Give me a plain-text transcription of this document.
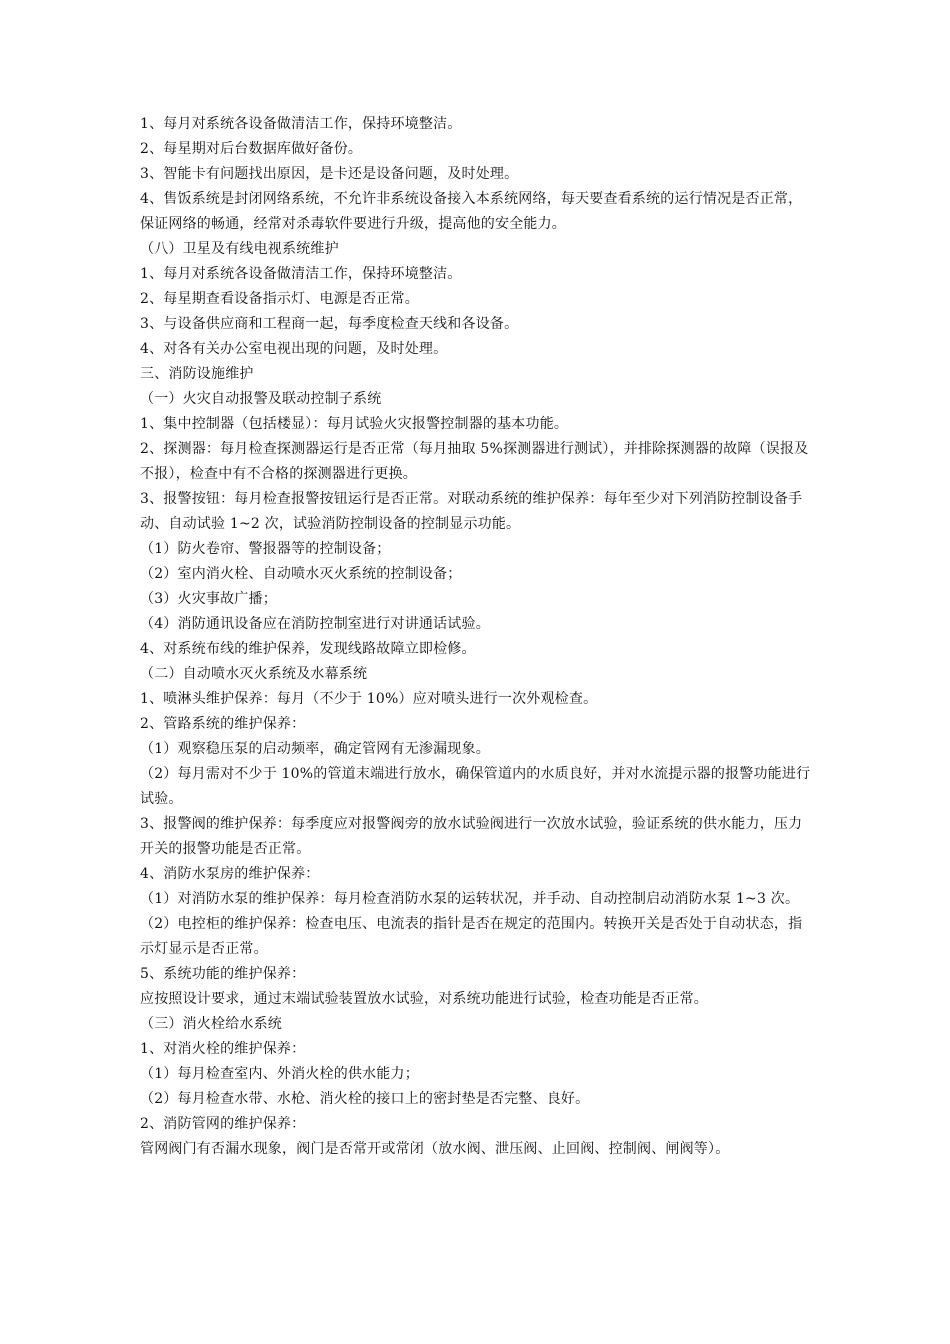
1、每月对系统各设备做清洁工作，保持环境整洁。
2、每星期对后台数据库做好备份。
3、智能卡有问题找出原因，是卡还是设备问题，及时处理。
4、售饭系统是封闭网络系统，不允许非系统设备接入本系统网络，每天要查看系统的运行情况是否正常，保证网络的畅通，经常对杀毒软件要进行升级，提高他的安全能力。
（八）卫星及有线电视系统维护
1、每月对系统各设备做清洁工作，保持环境整洁。
2、每星期查看设备指示灯、电源是否正常。
3、与设备供应商和工程商一起，每季度检查天线和各设备。
4、对各有关办公室电视出现的问题，及时处理。
三、消防设施维护
（一）火灾自动报警及联动控制子系统
1、集中控制器（包括楼显）：每月试验火灾报警控制器的基本功能。
2、探测器：每月检查探测器运行是否正常（每月抽取 5%探测器进行测试），并排除探测器的故障（误报及不报），检查中有不合格的探测器进行更换。
3、报警按钮：每月检查报警按钮运行是否正常。对联动系统的维护保养：每年至少对下列消防控制设备手动、自动试验 1~2 次，试验消防控制设备的控制显示功能。
（1）防火卷帘、警报器等的控制设备；
（2）室内消火栓、自动喷水灭火系统的控制设备；
（3）火灾事故广播；
（4）消防通讯设备应在消防控制室进行对讲通话试验。
4、对系统布线的维护保养，发现线路故障立即检修。
（二）自动喷水灭火系统及水幕系统
1、喷淋头维护保养：每月（不少于 10%）应对喷头进行一次外观检查。
2、管路系统的维护保养：
（1）观察稳压泵的启动频率，确定管网有无渗漏现象。
（2）每月需对不少于 10%的管道末端进行放水，确保管道内的水质良好，并对水流提示器的报警功能进行试验。
3、报警阀的维护保养：每季度应对报警阀旁的放水试验阀进行一次放水试验，验证系统的供水能力，压力开关的报警功能是否正常。
4、消防水泵房的维护保养：
（1）对消防水泵的维护保养：每月检查消防水泵的运转状况，并手动、自动控制启动消防水泵 1~3 次。
（2）电控柜的维护保养：检查电压、电流表的指针是否在规定的范围内。转换开关是否处于自动状态，指示灯显示是否正常。
5、系统功能的维护保养：
应按照设计要求，通过末端试验装置放水试验，对系统功能进行试验，检查功能是否正常。
（三）消火栓给水系统
1、对消火栓的维护保养：
（1）每月检查室内、外消火栓的供水能力；
（2）每月检查水带、水枪、消火栓的接口上的密封垫是否完整、良好。
2、消防管网的维护保养：
管网阀门有否漏水现象，阀门是否常开或常闭（放水阀、泄压阀、止回阀、控制阀、闸阀等）。
